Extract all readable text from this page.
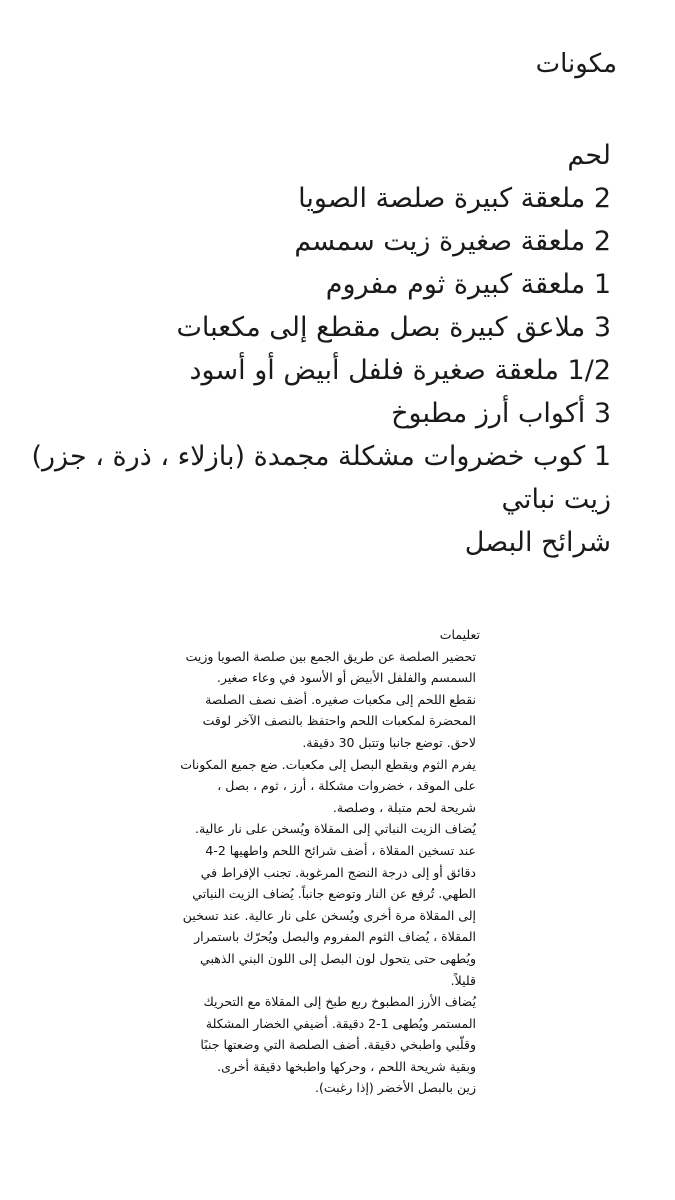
مكونات
لحم
2 ملعقة كبيرة صلصة الصويا
2 ملعقة صغيرة زيت سمسم
1 ملعقة كبيرة ثوم مفروم
3 ملاعق كبيرة بصل مقطع إلى مكعبات
1/2 ملعقة صغيرة فلفل أبيض أو أسود
3 أكواب أرز مطبوخ
1 كوب خضروات مشكلة مجمدة (بازلاء ، ذرة ، جزر)
زيت نباتي
شرائح البصل
تعليمات

تحضير الصلصة عن طريق الجمع بين صلصة الصويا وزيت السمسم والفلفل الأبيض أو الأسود في وعاء صغير.

نقطع اللحم إلى مكعبات صغيره. أضف نصف الصلصة المحضرة لمكعبات اللحم واحتفظ بالنصف الآخر لوقت لاحق. توضع جانبا وتتبل 30 دقيقة.

يفرم الثوم ويقطع البصل إلى مكعبات. ضع جميع المكونات على الموقد ، خضروات مشكلة ، أرز ، ثوم ، بصل ، شريحة لحم متبلة ، وصلصة.

يُضاف الزيت النباتي إلى المقلاة ويُسخن على نار عالية. عند تسخين المقلاة ، أضف شرائح اللحم واطهيها 2-4 دقائق أو إلى درجة النضج المرغوبة. تجنب الإفراط في الطهي. تُرفع عن النار وتوضع جانباً. يُضاف الزيت النباتي إلى المقلاة مرة أخرى ويُسخن على نار عالية. عند تسخين المقلاة ، يُضاف الثوم المفروم والبصل ويُحرّك باستمرار ويُطهى حتى يتحول لون البصل إلى اللون البني الذهبي قليلاً.

يُضاف الأرز المطبوخ ربع طبخ إلى المقلاة مع التحريك المستمر ويُطهى 1-2 دقيقة. أضيفي الخضار المشكلة وقلّبي واطبخي دقيقة. أضف الصلصة التي وضعتها جنبًا وبقية شريحة اللحم ، وحركها واطبخها دقيقة أخرى.

زين بالبصل الأخضر (إذا رغبت).
